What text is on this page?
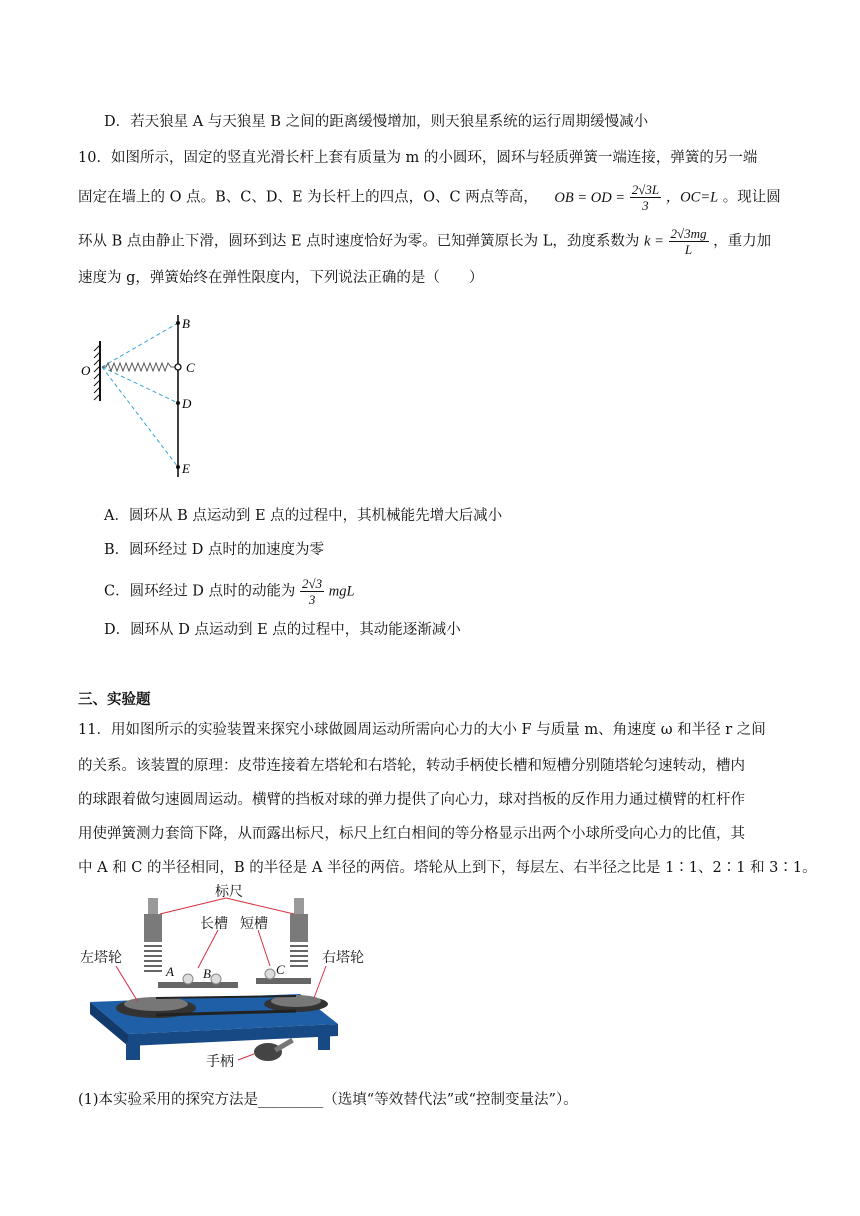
D．若天狼星 A 与天狼星 B 之间的距离缓慢增加，则天狼星系统的运行周期缓慢减小
10．如图所示，固定的竖直光滑长杆上套有质量为 m 的小圆环，圆环与轻质弹簧一端连接，弹簧的另一端
固定在墙上的 O 点。B、C、D、E 为长杆上的四点，O、C 两点等高， OB = OD = $\frac{2√3L}{3}$ ，OC=L 。现让圆
环从 B 点由静止下滑，圆环到达 E 点时速度恰好为零。已知弹簧原长为 L，劲度系数为 $k = \frac{2√3mg}{L}$ ，重力加
速度为 g，弹簧始终在弹性限度内，下列说法正确的是（　　）
B
C
O
D
E
A．圆环从 B 点运动到 E 点的过程中，其机械能先增大后减小
B．圆环经过 D 点时的加速度为零
C．圆环经过 D 点时的动能为 $\frac{2√3}{3}$ mgL
D．圆环从 D 点运动到 E 点的过程中，其动能逐渐减小
三、实验题
11．用如图所示的实验装置来探究小球做圆周运动所需向心力的大小 F 与质量 m、角速度 ω 和半径 r 之间
的关系。该装置的原理：皮带连接着左塔轮和右塔轮，转动手柄使长槽和短槽分别随塔轮匀速转动，槽内
的球跟着做匀速圆周运动。横臂的挡板对球的弹力提供了向心力，球对挡板的反作用力通过横臂的杠杆作
用使弹簧测力套筒下降，从而露出标尺，标尺上红白相间的等分格显示出两个小球所受向心力的比值，其
中 A 和 C 的半径相同，B 的半径是 A 半径的两倍。塔轮从上到下，每层左、右半径之比是 1∶1、2∶1 和 3∶1。
A B	C
标尺
长槽 短槽
左塔轮	右塔轮
手柄
(1)本实验采用的探究方法是_________（选填“等效替代法”或“控制变量法”）。
